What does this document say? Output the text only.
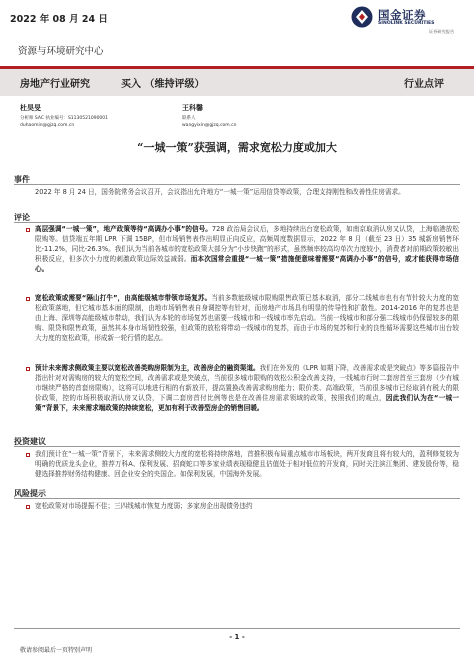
2022 年 08 月 24 日	国金证券
SINOLINK SECURITIES
证券研究报告
资源与环境研究中心
房地产行业研究	买入 （维持评级）	行业点评
杜昊旻
分析师 SAC 执业编号：S1130521090001
duhaomin@gjzq.com.cn
王科馨
联系人
wangyixin@gjzq.com.cn
“一城一策”获强调，需求宽松力度或加大
事件
2022 年 8 月 24 日，国务院常务会议召开，会议指出允许地方“一城一策”运用信贷等政策，合理支持刚性和改善性住房需求。
评论
高层强调“一城一策”，地产政策等待“高调办小事”的信号。728 政治局会议后，多地持续出台宽松政策，如南京取消认房又认贷，上海临港放松限购等。信贷端五年期 LPR 下调 15BP，但市场销售表作出明显正向反应，高频周度数据显示，2022 年 8 月（截至 23 日）35 城新房销售环比-11.2%，同比-26.3%。我们认为当前各城市的宽松政策大部分为“小步快跑”的形式，虽然频率较高均单次力度较小，消费者对前期政策较敏出积极反应，但多次小力度的刺激政策边际效益减弱。而本次国常会重提“一城一策”措施便意味着需要“高调办小事”的信号，或才能获得市场信心。
宽松政策或需要“隔山打牛”，由高能级城市带领市场复苏。当前多数能级城市限购限售政策已基本取消，部分二线城市也有有节针较大力度的宽松政策落地，但它城市基本面的限制，由地市场销售表自身调控等有针对，而房地产市场具有明显的传导性和扩散性。2014-2016 年的复苏也是由上海、深圳等高能级城市带动，我们认为本轮的市场复苏也需要一线城市和一线城市率先启动。当前一线城市和部分强二线城市仍保留较多的限购、限贷和限售政策，虽然其本身市场韧性较强，但政策的放松将带动一线城市的复苏，而由于市场的复苏和行业的良性循环需要这些城市出台较大力度的宽松政策，形成新一轮行情的起点。
预计未来需求侧政策主要以宽松改善类购房限制为主，改善房企的融资渠道。我们在外发的《LPR 如期下降，改善需求或是突破点》等多篇报告中指出针对对需购房的较大的宽松空间，改善需求或是突破点，当前很多城市限购的效松公积金改善支持，一线城市行时二套房首至三套房（少有城市继续严格的首套房限购），这将可以地进行相的有新放开，提高置换改善需求购房能力；限价类、高端政策，当前很多城市已经取消有税大的限价政策，控的市场积极取消认房又认贷，下调二套房首付比例等也是在改善住房需求领域的政策，按照我们的观点，因此我们认为在“一城一策”背景下，未来需求端政策的持续宽松，更加有利于改善型房企的销售回暖。
投资建议
我们预计在“一城一策”背景下，未来需求侧较大力度的宽松将持续落地，首推积极布局重点城市市场板块，两开发商且将有较大的，盈利修复较为明确的优质龙头企业，推荐万科A、保利发展、招商蛇口等多家业绩表现稳健且估值处于相对低位的开发商，同时关注滨江集团、建发股份等，稳健选择推荐财务结构健康、回企业安全的央国企。如保利发展，中国海外发展。
风险提示
宽松政策对市场提振不佳；三四线城市恢复力度弱；多家房企出现债务违约
- 1 -
敬请参阅最后一页特别声明
